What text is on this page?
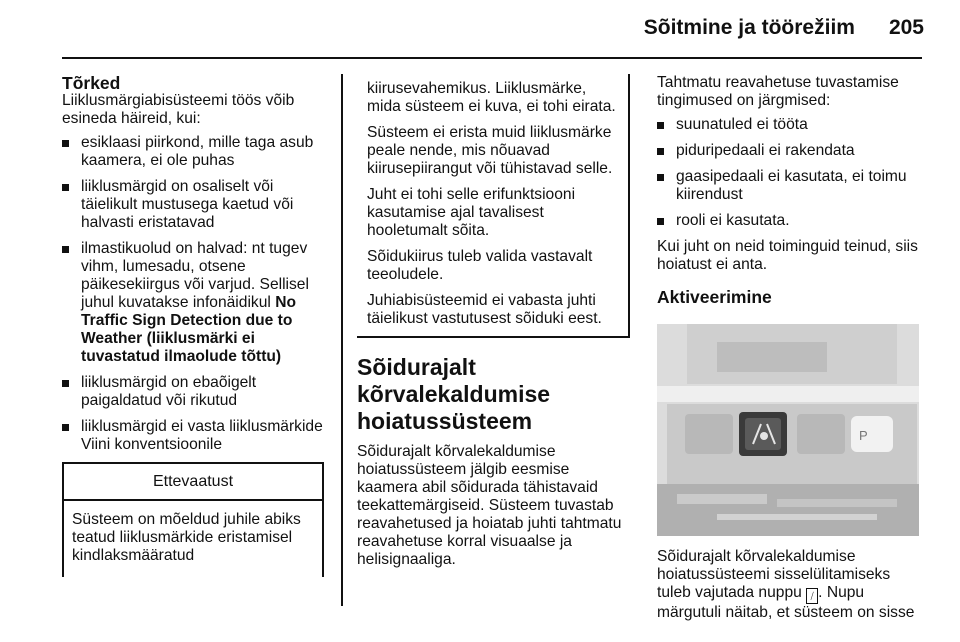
Sõitmine ja töörežiim 205
Tõrked

Liiklusmärgiabisüsteemi töös võib esineda häireid, kui:

esiklaasi piirkond, mille taga asub kaamera, ei ole puhas
liiklusmärgid on osaliselt või täielikult mustusega kaetud või halvasti eristatavad
ilmastikuolud on halvad: nt tugev vihm, lumesadu, otsene päikesekiirgus või varjud. Sellisel juhul kuvatakse infonäidikul No Traffic Sign Detection due to Weather (liiklusmärki ei tuvastatud ilmaoludе tõttu)
liiklusmärgid on ebaõigelt paigaldatud või rikutud
liiklusmärgid ei vasta liiklusmärkide Viini konventsioonile
Ettevaatust
Süsteem on mõeldud juhile abiks teatud liiklusmärkide eristamisel kindlaksmääratud

kiirusevahemikus. Liiklusmärke, mida süsteem ei kuva, ei tohi eirata.

Süsteem ei erista muid liiklusmärke peale nende, mis nõuavad kiirusepiirangut või tühistavad selle.

Juht ei tohi selle erifunktsiooni kasutamise ajal tavalisest hooletumalt sõita.

Sõidukiirus tuleb valida vastavalt teeoludele.

Juhiabisüsteemid ei vabasta juhti täielikust vastutusest sõiduki eest.

Sõidurajalt kõrvalekaldumise hoiatussüsteem

Sõidurajalt kõrvalekaldumise hoiatussüsteem jälgib eesmise kaamera abil sõidurada tähistavaid teekattemärgiseid. Süsteem tuvastab reavahetused ja hoiatab juhti tahtmatu reavahetuse korral visuaalse ja helisignaaliga.

Tahtmatu reavahetuse tuvastamise tingimused on järgmised:

suunatuled ei tööta
piduripedaali ei rakendata
gaasipedaali ei kasutata, ei toimu kiirendust
rooli ei kasutata.

Kui juht on neid toiminguid teinud, siis hoiatust ei anta.

Aktiveerimine
P

Sõidurajalt kõrvalekaldumise hoiatussüsteemi sisselülitamiseks tuleb vajutada nuppu ⧸ . Nupu märgutuli näitab, et süsteem on sisse
